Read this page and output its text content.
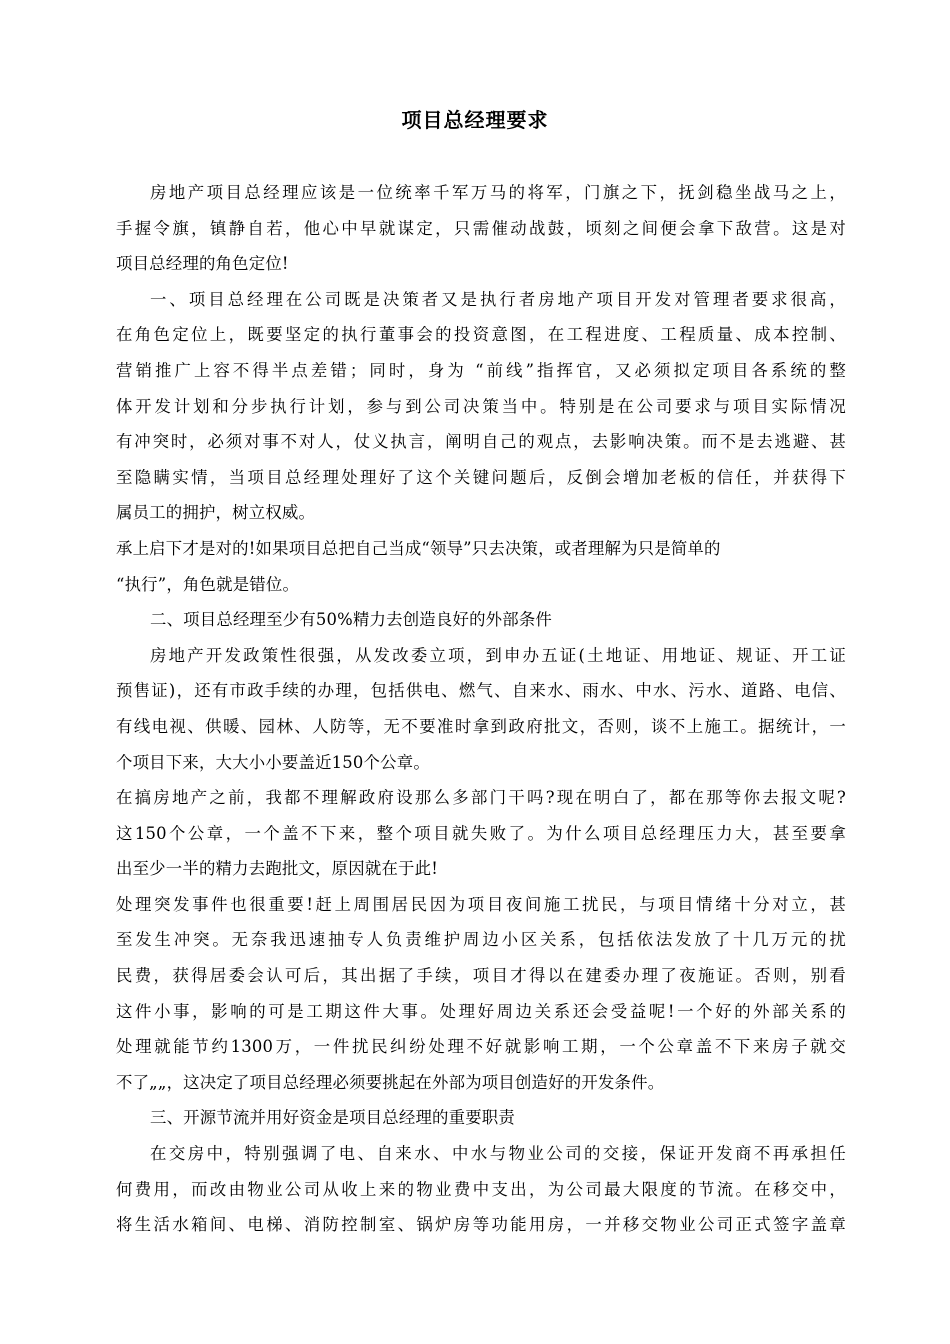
项目总经理要求
房地产项目总经理应该是一位统率千军万马的将军，门旗之下，抚剑稳坐战马之上，
手握令旗，镇静自若，他心中早就谋定，只需催动战鼓，顷刻之间便会拿下敌营。这是对
项目总经理的角色定位!
一、项目总经理在公司既是决策者又是执行者房地产项目开发对管理者要求很高，
在角色定位上，既要坚定的执行董事会的投资意图，在工程进度、工程质量、成本控制、
营销推广上容不得半点差错；同时，身为 “前线”指挥官，又必须拟定项目各系统的整
体开发计划和分步执行计划，参与到公司决策当中。特别是在公司要求与项目实际情况
有冲突时，必须对事不对人，仗义执言，阐明自己的观点，去影响决策。而不是去逃避、甚
至隐瞒实情，当项目总经理处理好了这个关键问题后，反倒会增加老板的信任，并获得下
属员工的拥护，树立权威。
承上启下才是对的!如果项目总把自己当成“领导”只去决策，或者理解为只是简单的
“执行”，角色就是错位。
二、项目总经理至少有50%精力去创造良好的外部条件
房地产开发政策性很强，从发改委立项，到申办五证(土地证、用地证、规证、开工证
预售证)，还有市政手续的办理，包括供电、燃气、自来水、雨水、中水、污水、道路、电信、
有线电视、供暖、园林、人防等，无不要准时拿到政府批文，否则，谈不上施工。据统计，一
个项目下来，大大小小要盖近150个公章。
在搞房地产之前，我都不理解政府设那么多部门干吗?现在明白了，都在那等你去报文呢?
这150个公章，一个盖不下来，整个项目就失败了。为什么项目总经理压力大，甚至要拿
出至少一半的精力去跑批文，原因就在于此!
处理突发事件也很重要!赶上周围居民因为项目夜间施工扰民，与项目情绪十分对立，甚
至发生冲突。无奈我迅速抽专人负责维护周边小区关系，包括依法发放了十几万元的扰
民费，获得居委会认可后，其出据了手续，项目才得以在建委办理了夜施证。否则，别看
这件小事，影响的可是工期这件大事。处理好周边关系还会受益呢!一个好的外部关系的
处理就能节约1300万，一件扰民纠纷处理不好就影响工期，一个公章盖不下来房子就交
不了„„，这决定了项目总经理必须要挑起在外部为项目创造好的开发条件。
三、开源节流并用好资金是项目总经理的重要职责
在交房中，特别强调了电、自来水、中水与物业公司的交接，保证开发商不再承担任
何费用，而改由物业公司从收上来的物业费中支出，为公司最大限度的节流。在移交中，
将生活水箱间、电梯、消防控制室、锅炉房等功能用房，一并移交物业公司正式签字盖章
